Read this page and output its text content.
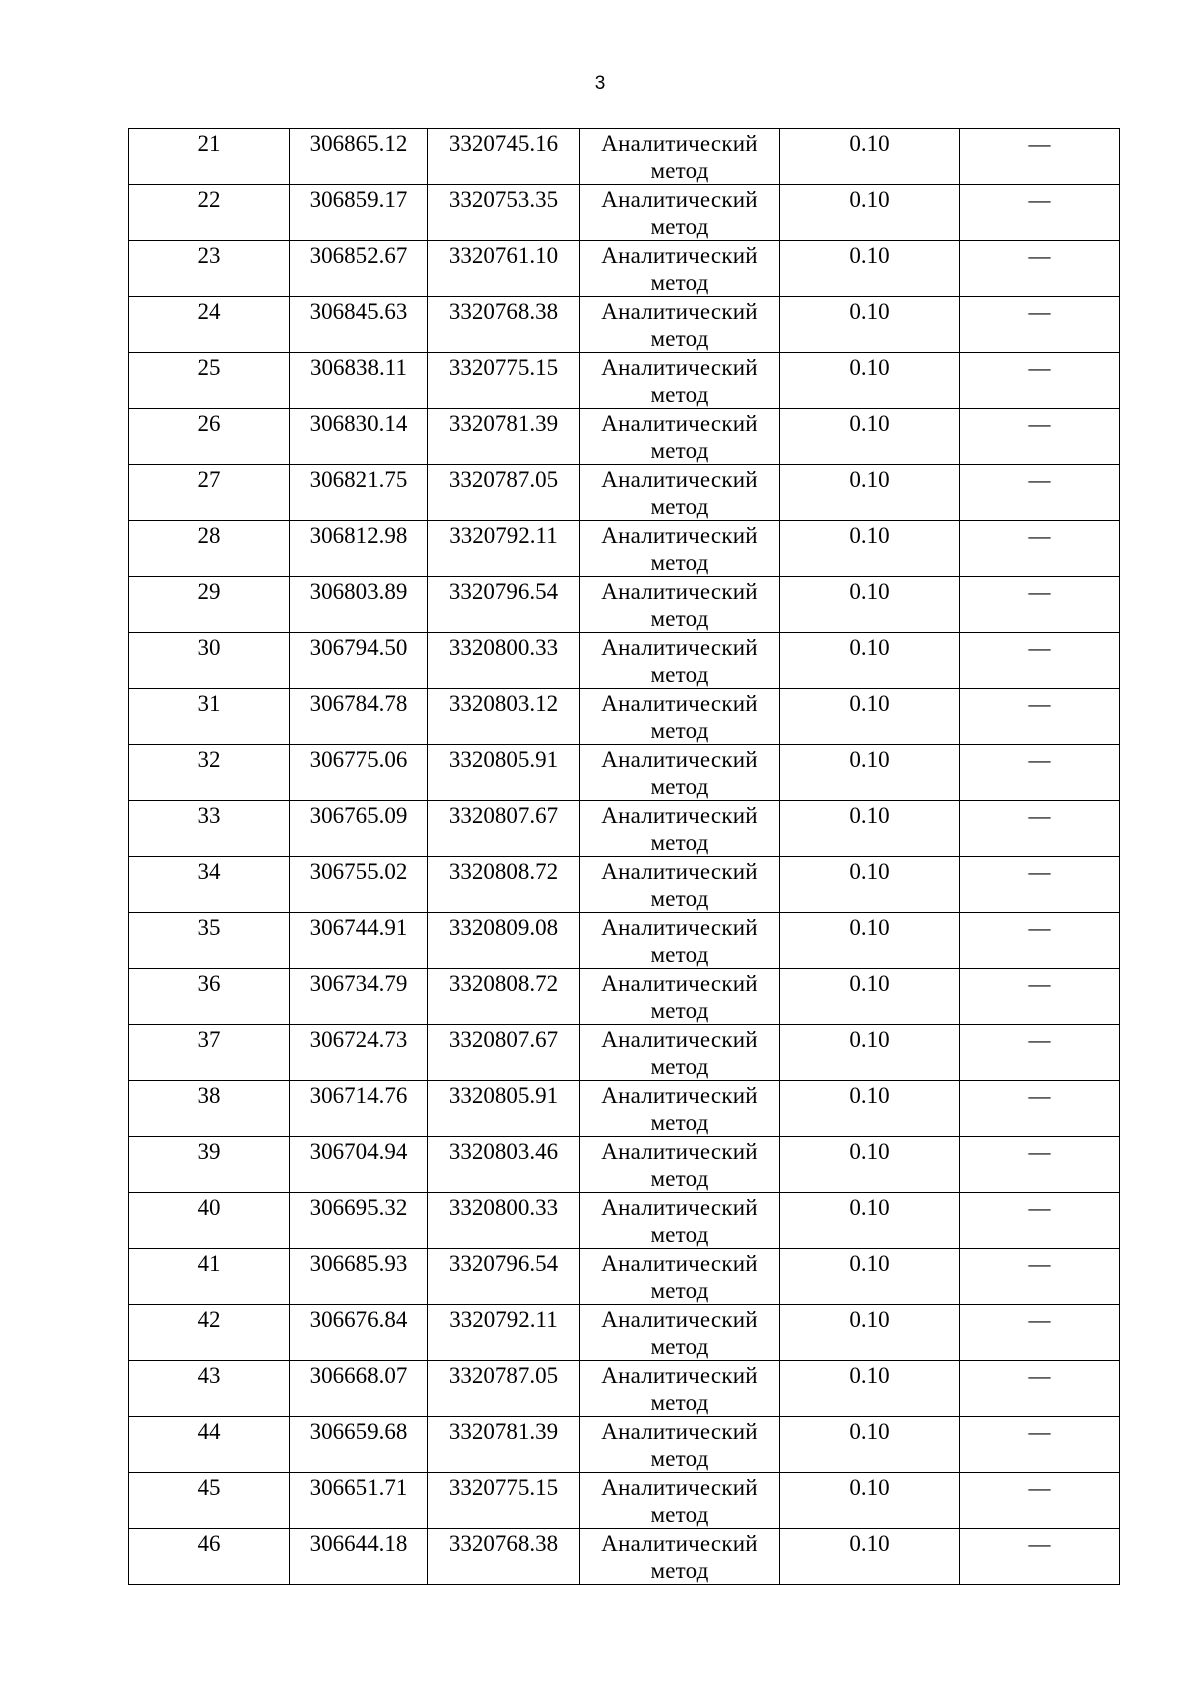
3
21	306865.12	3320745.16	Аналитический метод	0.10	—

22	306859.17	3320753.35	Аналитический метод	0.10	—

23	306852.67	3320761.10	Аналитический метод	0.10	—

24	306845.63	3320768.38	Аналитический метод	0.10	—

25	306838.11	3320775.15	Аналитический метод	0.10	—

26	306830.14	3320781.39	Аналитический метод	0.10	—

27	306821.75	3320787.05	Аналитический метод	0.10	—

28	306812.98	3320792.11	Аналитический метод	0.10	—

29	306803.89	3320796.54	Аналитический метод	0.10	—

30	306794.50	3320800.33	Аналитический метод	0.10	—

31	306784.78	3320803.12	Аналитический метод	0.10	—

32	306775.06	3320805.91	Аналитический метод	0.10	—

33	306765.09	3320807.67	Аналитический метод	0.10	—

34	306755.02	3320808.72	Аналитический метод	0.10	—

35	306744.91	3320809.08	Аналитический метод	0.10	—

36	306734.79	3320808.72	Аналитический метод	0.10	—

37	306724.73	3320807.67	Аналитический метод	0.10	—

38	306714.76	3320805.91	Аналитический метод	0.10	—

39	306704.94	3320803.46	Аналитический метод	0.10	—

40	306695.32	3320800.33	Аналитический метод	0.10	—

41	306685.93	3320796.54	Аналитический метод	0.10	—

42	306676.84	3320792.11	Аналитический метод	0.10	—

43	306668.07	3320787.05	Аналитический метод	0.10	—

44	306659.68	3320781.39	Аналитический метод	0.10	—

45	306651.71	3320775.15	Аналитический метод	0.10	—

46	306644.18	3320768.38	Аналитический метод	0.10	—
